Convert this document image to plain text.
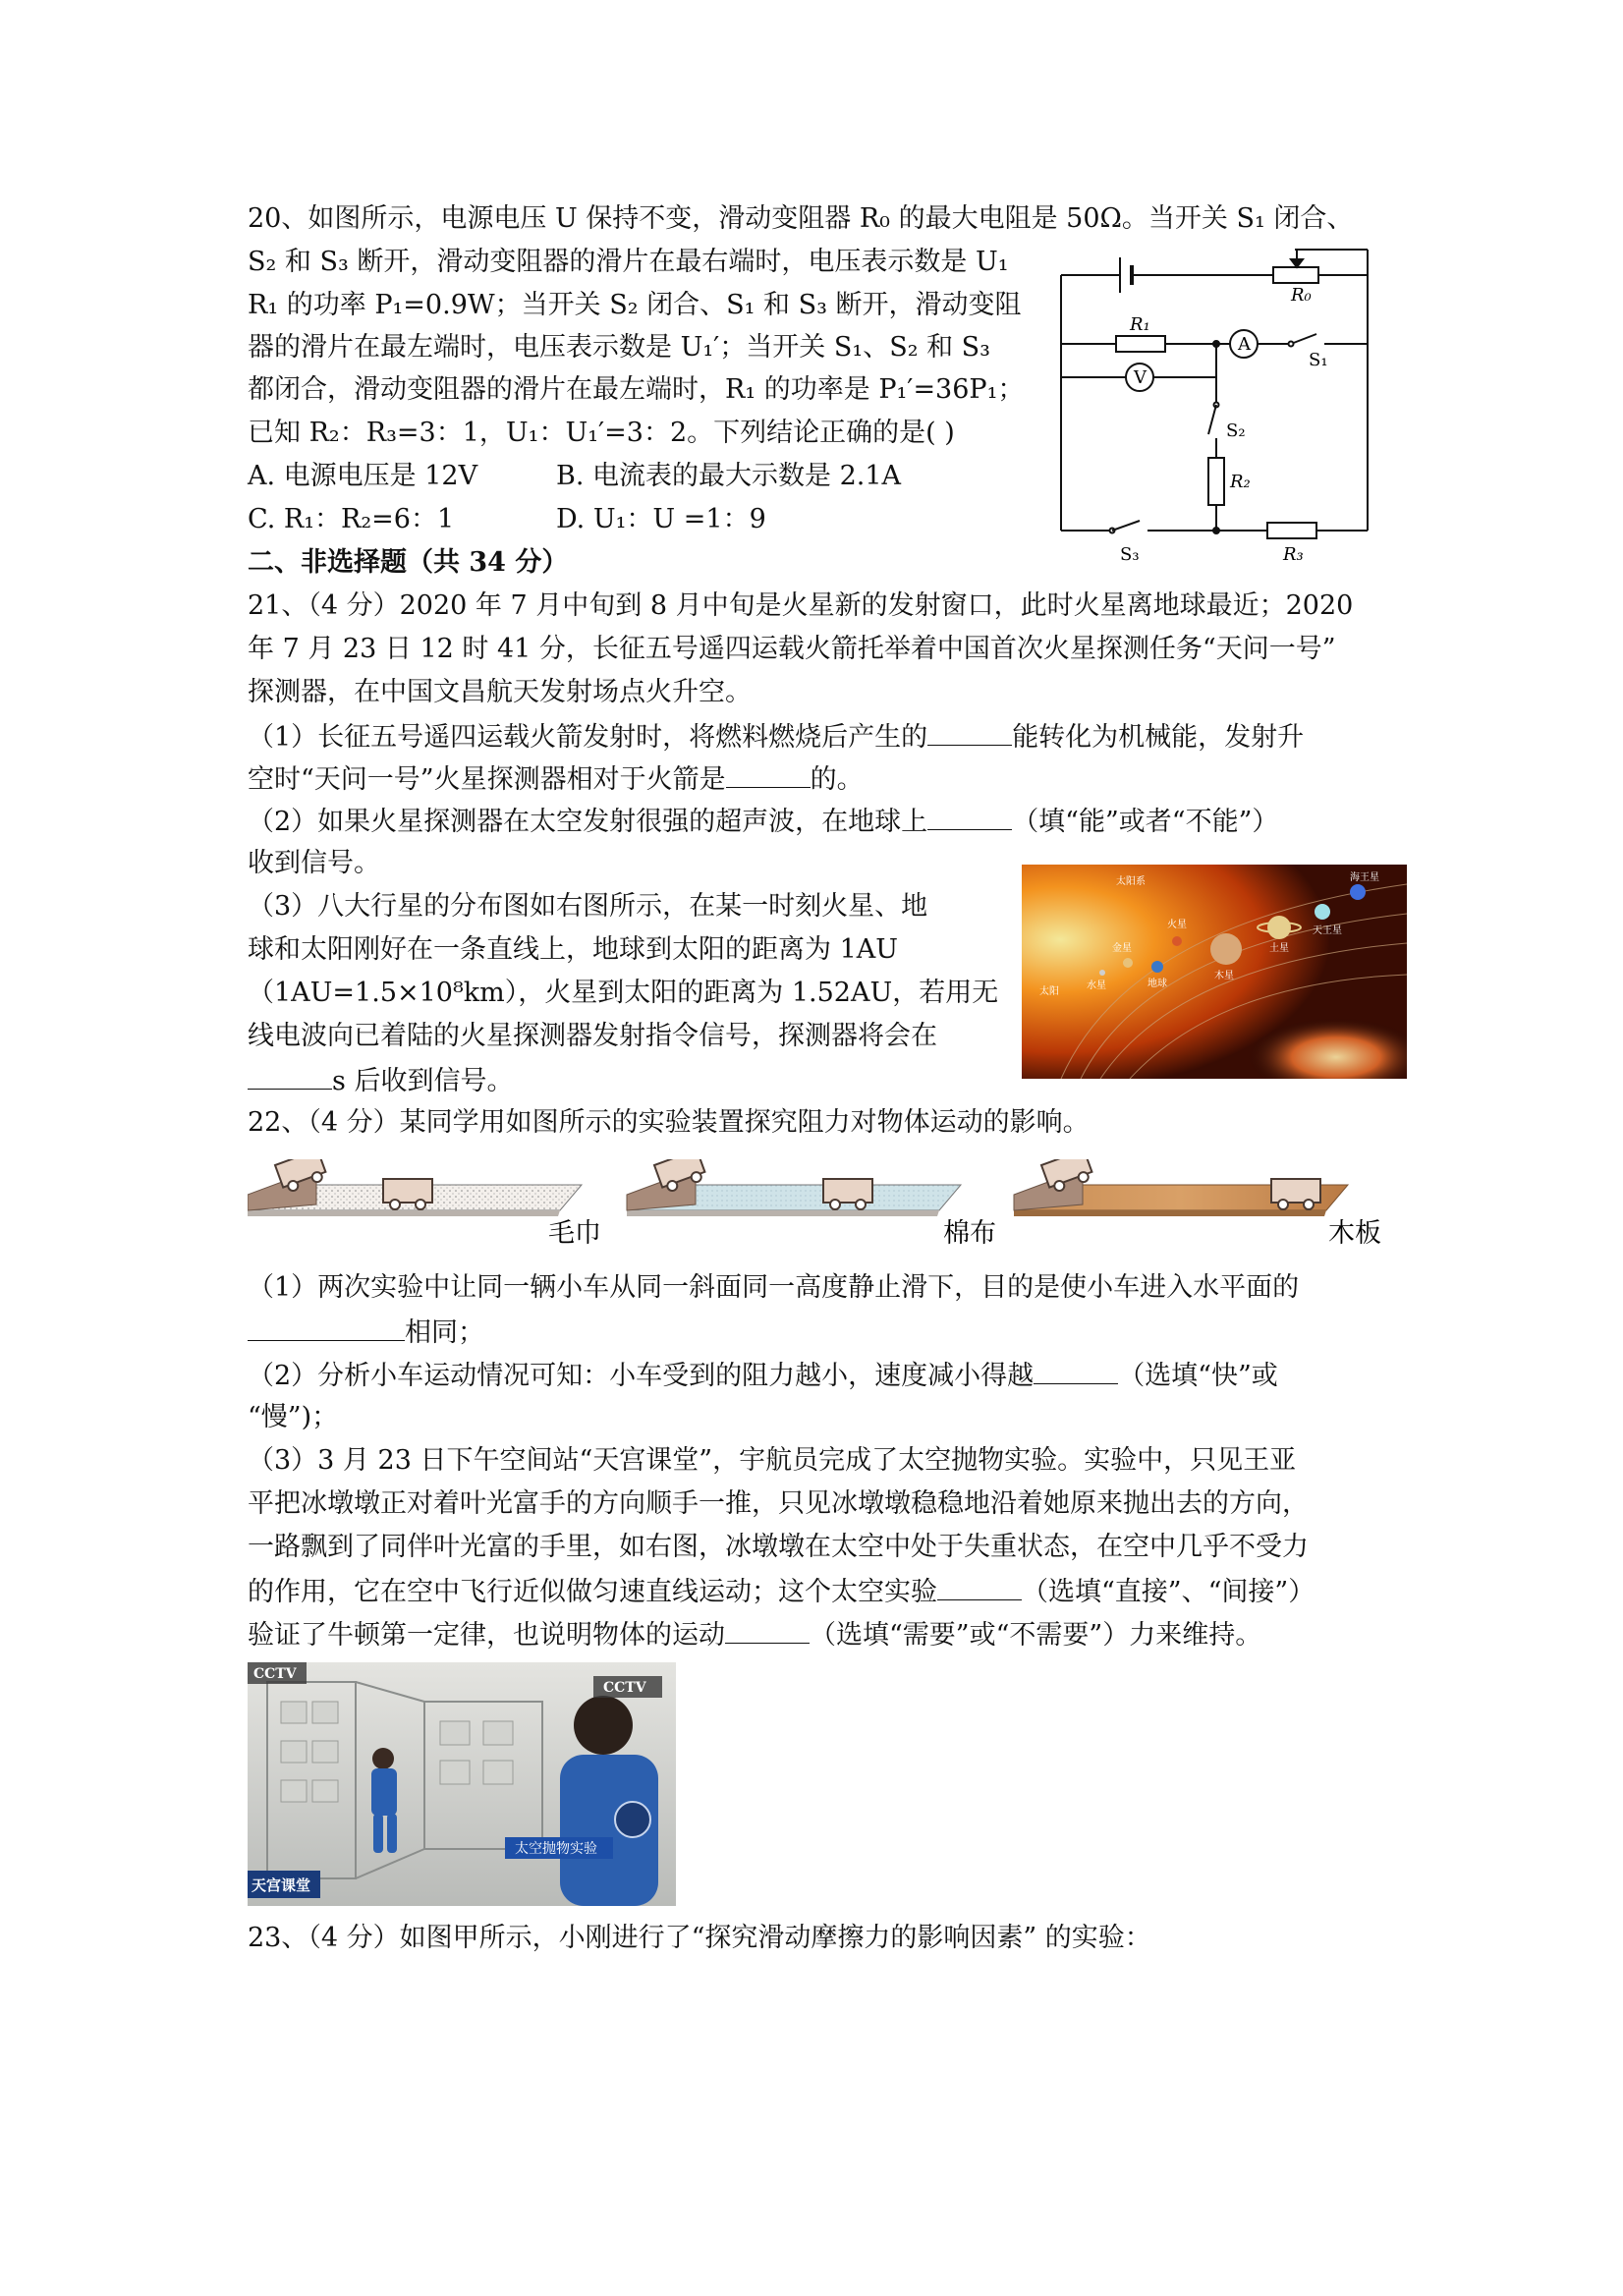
20、如图所示，电源电压 U 保持不变，滑动变阻器 R₀ 的最大电阻是 50Ω。当开关 S₁ 闭合、
S₂ 和 S₃ 断开，滑动变阻器的滑片在最右端时，电压表示数是 U₁
R₁ 的功率 P₁=0.9W；当开关 S₂ 闭合、S₁ 和 S₃ 断开，滑动变阻
器的滑片在最左端时，电压表示数是 U₁′；当开关 S₁、S₂ 和 S₃
都闭合，滑动变阻器的滑片在最左端时，R₁ 的功率是 P₁′=36P₁；
已知 R₂：R₃=3：1，U₁：U₁′=3：2。下列结论正确的是( )
A. 电源电压是 12V	B. 电流表的最大示数是 2.1A
C. R₁：R₂=6：1	D. U₁：U =1：9
R₀
R₁
A
S₁
V
S₂
R₂
S₃	R₃
二、非选择题（共 34 分）
21、（4 分）2020 年 7 月中旬到 8 月中旬是火星新的发射窗口，此时火星离地球最近；2020
年 7 月 23 日 12 时 41 分，长征五号遥四运载火箭托举着中国首次火星探测任务“天问一号”
探测器，在中国文昌航天发射场点火升空。
（1）长征五号遥四运载火箭发射时，将燃料燃烧后产生的	能转化为机械能，发射升
空时“天问一号”火星探测器相对于火箭是	的。
（2）如果火星探测器在太空发射很强的超声波，在地球上	（填“能”或者“不能”）
收到信号。
（3）八大行星的分布图如右图所示，在某一时刻火星、地
球和太阳刚好在一条直线上，地球到太阳的距离为 1AU
（1AU=1.5×10⁸km），火星到太阳的距离为 1.52AU，若用无
线电波向已着陆的火星探测器发射指令信号，探测器将会在
s 后收到信号。
太阳系
太阳
水星
金星
地球
火星
木星
土星
天王星
海王星
22、（4 分）某同学用如图所示的实验装置探究阻力对物体运动的影响。
毛巾	棉布	木板
（1）两次实验中让同一辆小车从同一斜面同一高度静止滑下，目的是使小车进入水平面的
相同；
（2）分析小车运动情况可知：小车受到的阻力越小，速度减小得越	（选填“快”或
“慢”)；
（3）3 月 23 日下午空间站“天宫课堂”，宇航员完成了太空抛物实验。实验中，只见王亚
平把冰墩墩正对着叶光富手的方向顺手一推，只见冰墩墩稳稳地沿着她原来抛出去的方向，
一路飘到了同伴叶光富的手里，如右图，冰墩墩在太空中处于失重状态，在空中几乎不受力
的作用，它在空中飞行近似做匀速直线运动；这个太空实验	（选填“直接”、“间接”）
验证了牛顿第一定律，也说明物体的运动	（选填“需要”或“不需要”）力来维持。
CCTV
CCTV
太空抛物实验
天宫课堂
23、（4 分）如图甲所示，小刚进行了“探究滑动摩擦力的影响因素” 的实验：
